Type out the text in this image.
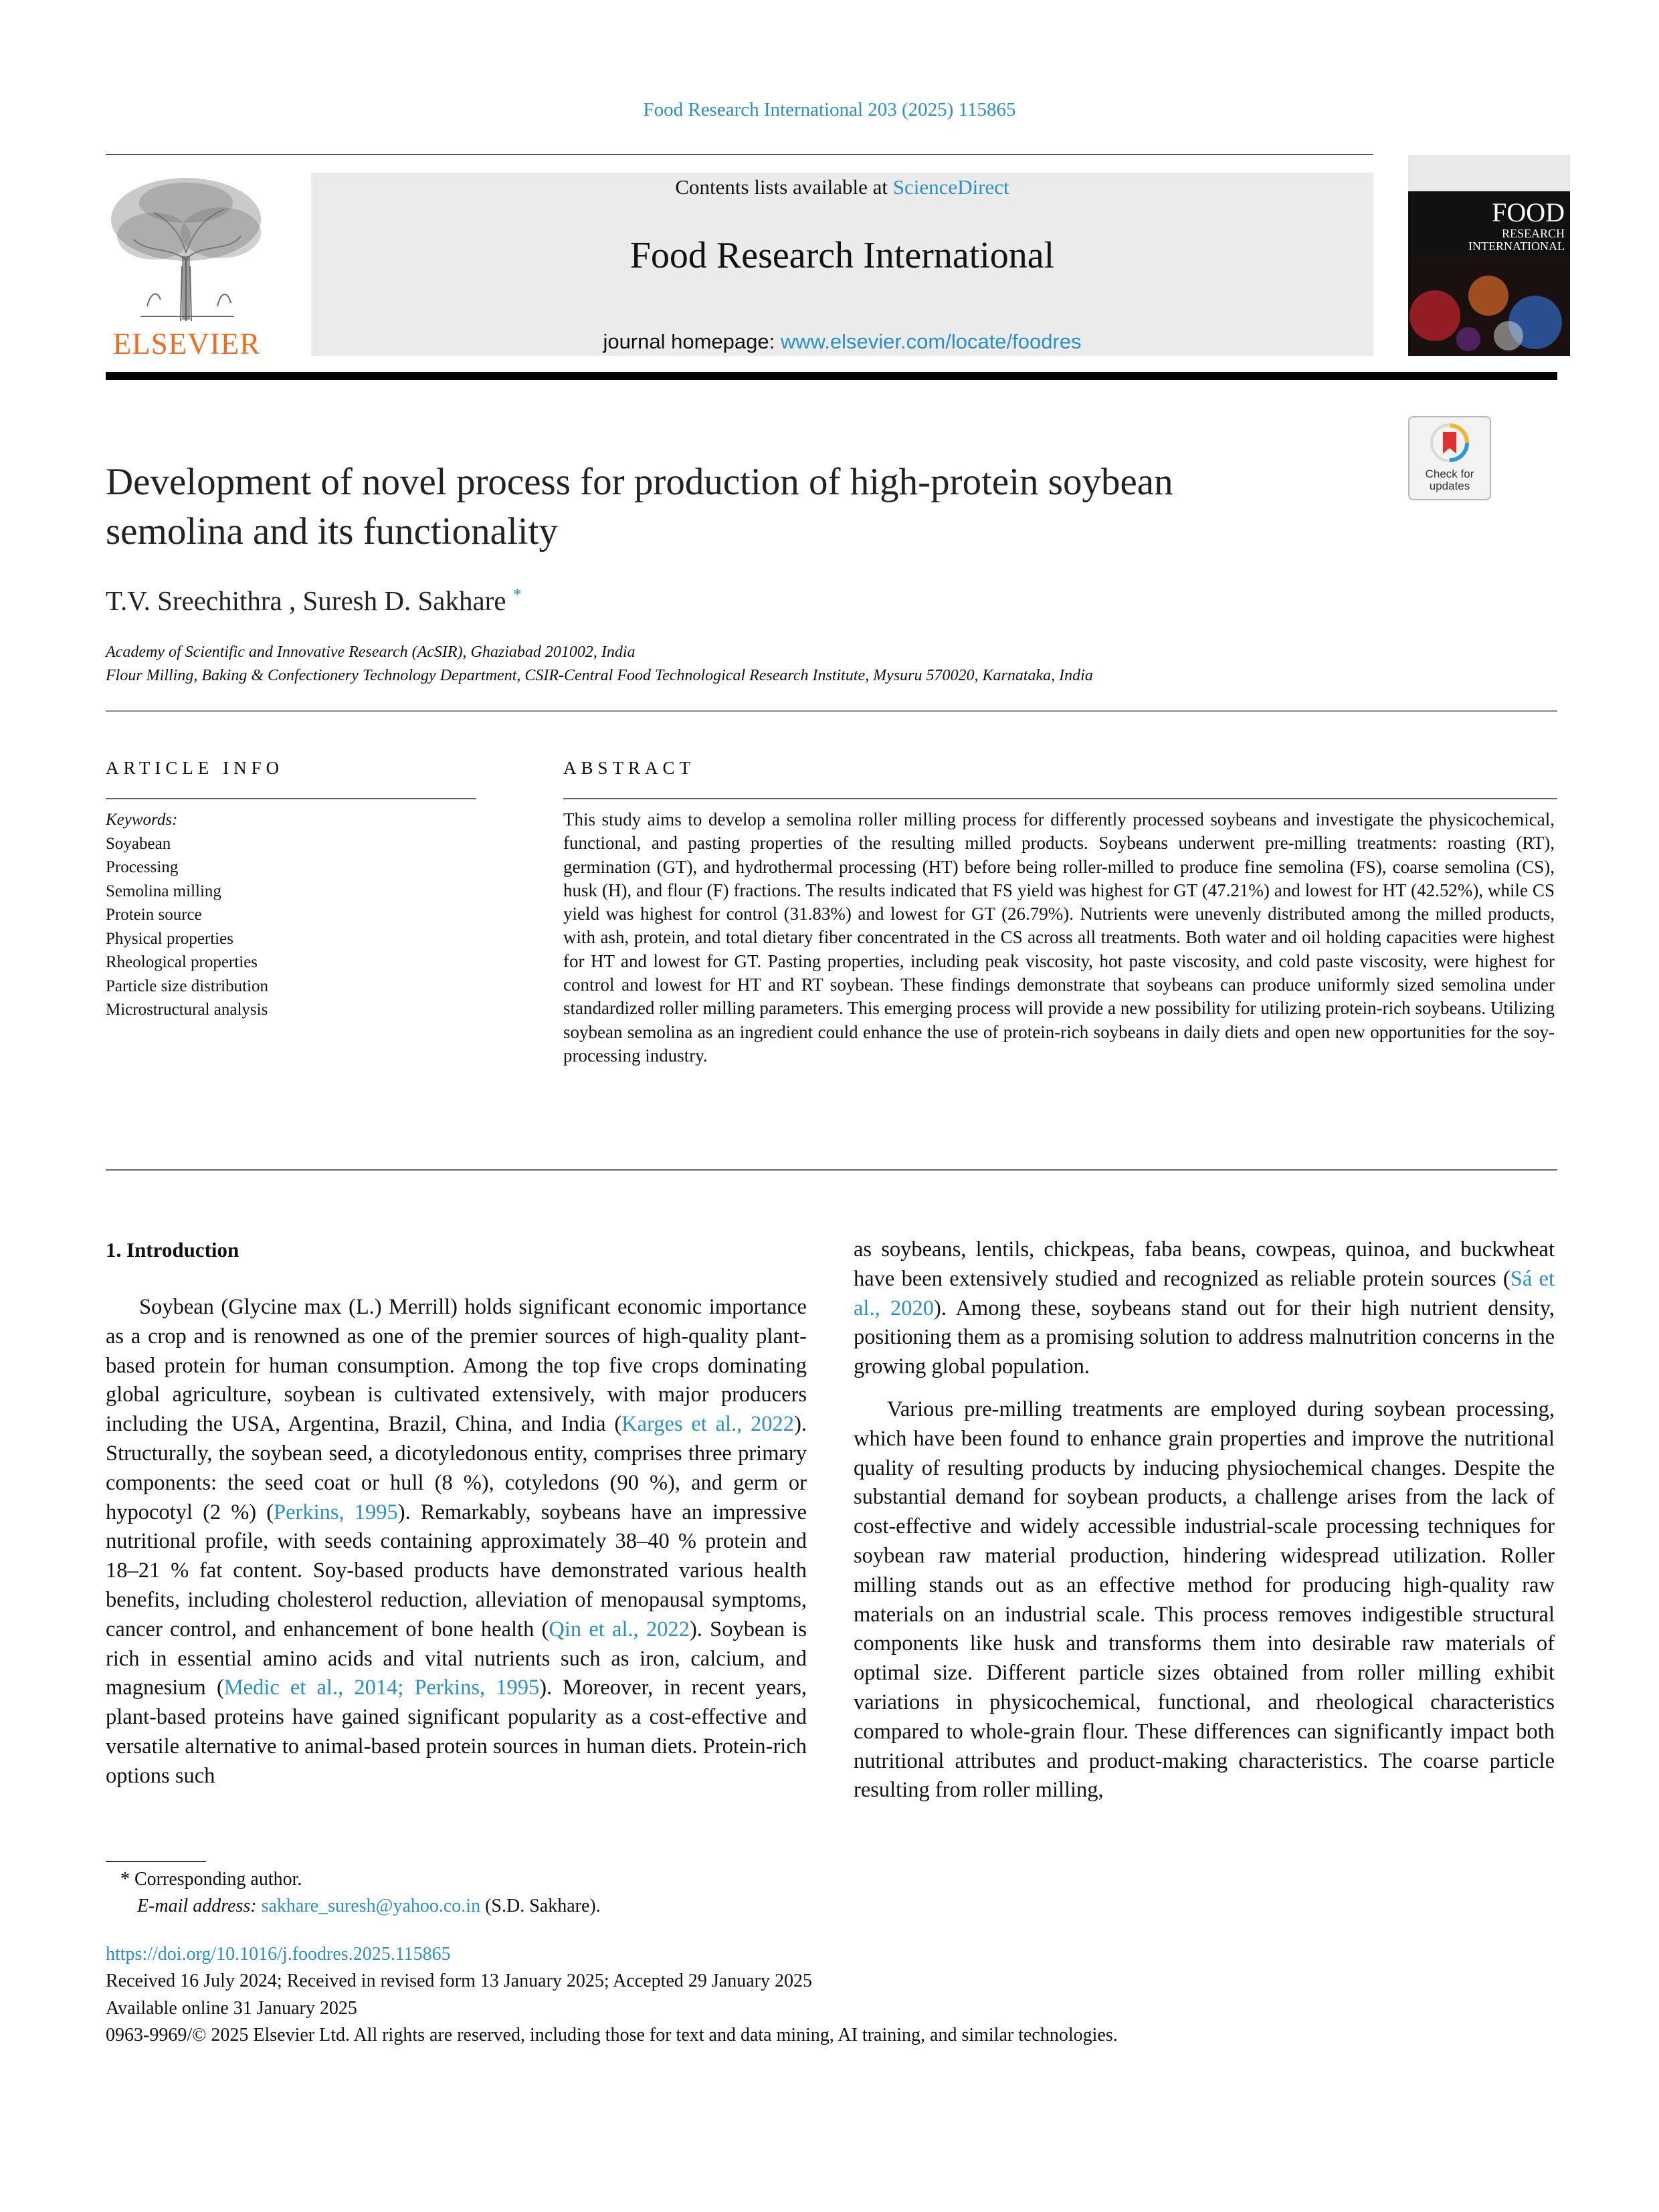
Food Research International 203 (2025) 115865
ELSEVIER
Contents lists available at ScienceDirect
Food Research International
journal homepage: www.elsevier.com/locate/foodres
FOOD
RESEARCH
INTERNATIONAL
Check for
updates
Development of novel process for production of high-protein soybean
semolina and its functionality
T.V. Sreechithra , Suresh D. Sakhare *
Academy of Scientific and Innovative Research (AcSIR), Ghaziabad 201002, India
Flour Milling, Baking & Confectionery Technology Department, CSIR-Central Food Technological Research Institute, Mysuru 570020, Karnataka, India
ARTICLE INFO
Keywords:
Soyabean
Processing
Semolina milling
Protein source
Physical properties
Rheological properties
Particle size distribution
Microstructural analysis
ABSTRACT
This study aims to develop a semolina roller milling process for differently processed soybeans and investigate the physicochemical, functional, and pasting properties of the resulting milled products. Soybeans underwent pre-milling treatments: roasting (RT), germination (GT), and hydrothermal processing (HT) before being roller-milled to produce fine semolina (FS), coarse semolina (CS), husk (H), and flour (F) fractions. The results indicated that FS yield was highest for GT (47.21%) and lowest for HT (42.52%), while CS yield was highest for control (31.83%) and lowest for GT (26.79%). Nutrients were unevenly distributed among the milled products, with ash, protein, and total dietary fiber concentrated in the CS across all treatments. Both water and oil holding capacities were highest for HT and lowest for GT. Pasting properties, including peak viscosity, hot paste viscosity, and cold paste viscosity, were highest for control and lowest for HT and RT soybean. These findings demonstrate that soybeans can produce uniformly sized semolina under standardized roller milling parameters. This emerging process will provide a new possibility for utilizing protein-rich soybeans. Utilizing soybean semolina as an ingredient could enhance the use of protein-rich soybeans in daily diets and open new opportunities for the soy-processing industry.
1. Introduction

Soybean (Glycine max (L.) Merrill) holds significant economic importance as a crop and is renowned as one of the premier sources of high-quality plant-based protein for human consumption. Among the top five crops dominating global agriculture, soybean is cultivated extensively, with major producers including the USA, Argentina, Brazil, China, and India (Karges et al., 2022). Structurally, the soybean seed, a dicotyledonous entity, comprises three primary components: the seed coat or hull (8 %), cotyledons (90 %), and germ or hypocotyl (2 %) (Perkins, 1995). Remarkably, soybeans have an impressive nutritional profile, with seeds containing approximately 38–40 % protein and 18–21 % fat content. Soy-based products have demonstrated various health benefits, including cholesterol reduction, alleviation of menopausal symptoms, cancer control, and enhancement of bone health (Qin et al., 2022). Soybean is rich in essential amino acids and vital nutrients such as iron, calcium, and magnesium (Medic et al., 2014; Perkins, 1995). Moreover, in recent years, plant-based proteins have gained significant popularity as a cost-effective and versatile alternative to animal-based protein sources in human diets. Protein-rich options such

as soybeans, lentils, chickpeas, faba beans, cowpeas, quinoa, and buckwheat have been extensively studied and recognized as reliable protein sources (Sá et al., 2020). Among these, soybeans stand out for their high nutrient density, positioning them as a promising solution to address malnutrition concerns in the growing global population.

Various pre-milling treatments are employed during soybean processing, which have been found to enhance grain properties and improve the nutritional quality of resulting products by inducing physiochemical changes. Despite the substantial demand for soybean products, a challenge arises from the lack of cost-effective and widely accessible industrial-scale processing techniques for soybean raw material production, hindering widespread utilization. Roller milling stands out as an effective method for producing high-quality raw materials on an industrial scale. This process removes indigestible structural components like husk and transforms them into desirable raw materials of optimal size. Different particle sizes obtained from roller milling exhibit variations in physicochemical, functional, and rheological characteristics compared to whole-grain flour. These differences can significantly impact both nutritional attributes and product-making characteristics. The coarse particle resulting from roller milling,

* Corresponding author.
E-mail address: sakhare_suresh@yahoo.co.in (S.D. Sakhare).
https://doi.org/10.1016/j.foodres.2025.115865
Received 16 July 2024; Received in revised form 13 January 2025; Accepted 29 January 2025
Available online 31 January 2025
0963-9969/© 2025 Elsevier Ltd. All rights are reserved, including those for text and data mining, AI training, and similar technologies.
